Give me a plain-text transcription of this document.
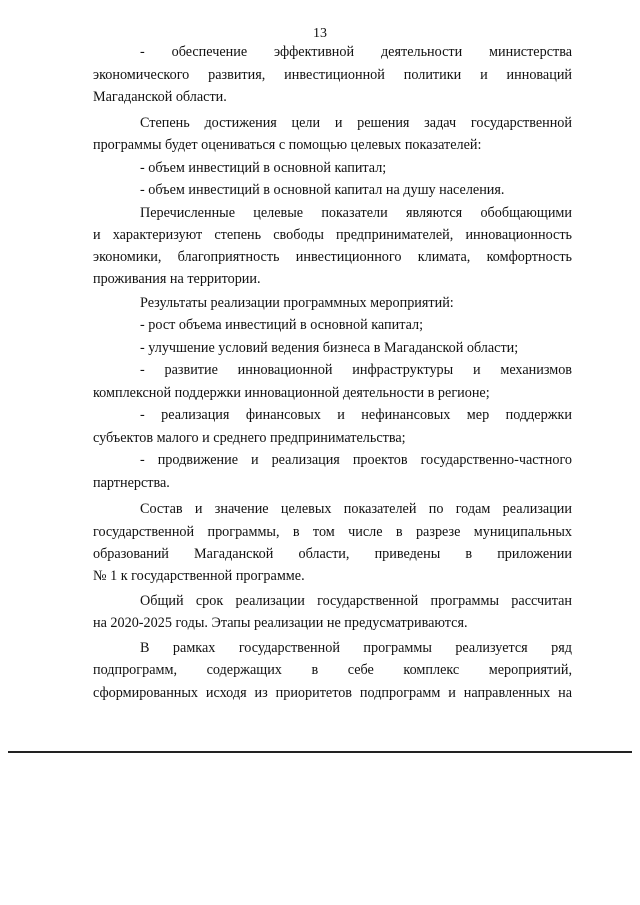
13
- обеспечение эффективной деятельности министерства
экономического развития, инвестиционной политики и инноваций
Магаданской области.
Степень достижения цели и решения задач государственной
программы будет оцениваться с помощью целевых показателей:
- объем инвестиций в основной капитал;
- объем инвестиций в основной капитал на душу населения.
Перечисленные целевые показатели являются обобщающими
и характеризуют степень свободы предпринимателей, инновационность
экономики, благоприятность инвестиционного климата, комфортность
проживания на территории.
Результаты реализации программных мероприятий:
- рост объема инвестиций в основной капитал;
- улучшение условий ведения бизнеса в Магаданской области;
- развитие инновационной инфраструктуры и механизмов
комплексной поддержки инновационной деятельности в регионе;
- реализация финансовых и нефинансовых мер поддержки
субъектов малого и среднего предпринимательства;
- продвижение и реализация проектов государственно-частного
партнерства.
Состав и значение целевых показателей по годам реализации
государственной программы, в том числе в разрезе муниципальных
образований Магаданской области, приведены в приложении
№ 1 к государственной программе.
Общий срок реализации государственной программы рассчитан
на 2020-2025 годы. Этапы реализации не предусматриваются.
В рамках государственной программы реализуется ряд
подпрограмм, содержащих в себе комплекс мероприятий,
сформированных исходя из приоритетов подпрограмм и направленных на
